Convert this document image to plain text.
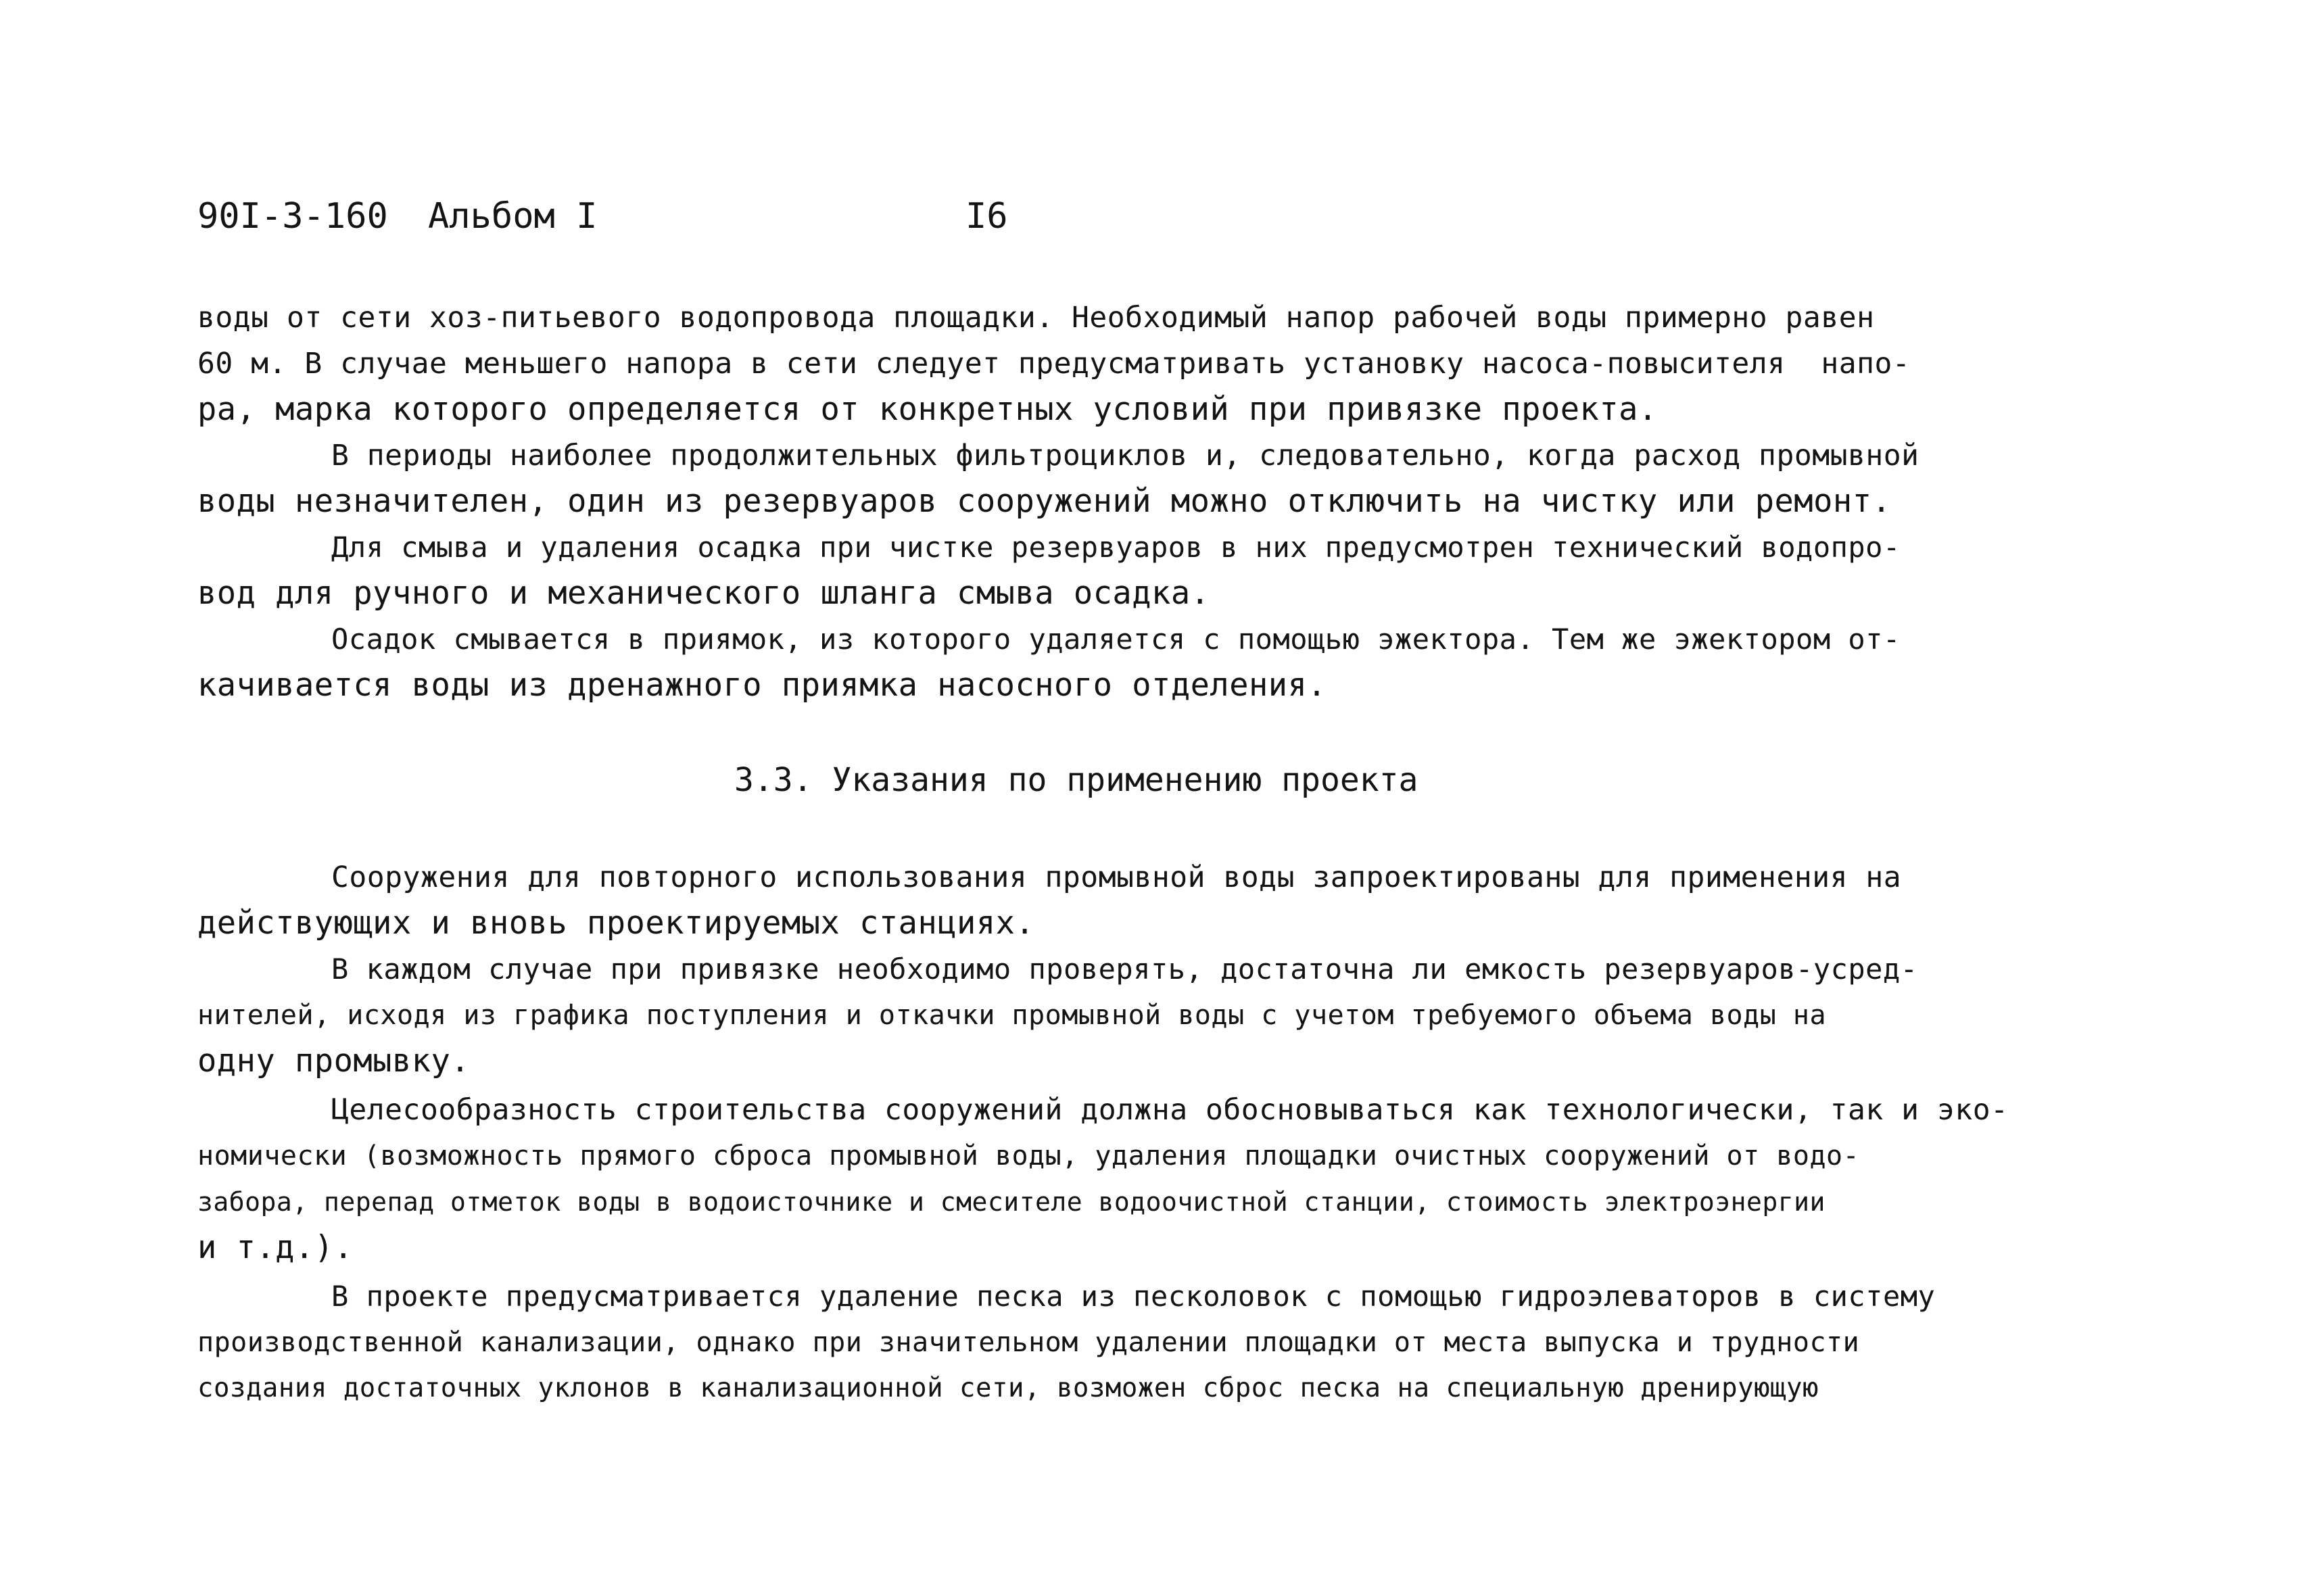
90I-3-160 Альбом I	I6
воды от сети хоз-питьевого водопровода площадки. Необходимый напор рабочей воды примерно равен
60 м. В случае меньшего напора в сети следует предусматривать установку насоса-повысителя  напо-
ра, марка которого определяется от конкретных условий при привязке проекта.
В периоды наиболее продолжительных фильтроциклов и, следовательно, когда расход промывной
воды незначителен, один из резервуаров сооружений можно отключить на чистку или ремонт.
Для смыва и удаления осадка при чистке резервуаров в них предусмотрен технический водопро-
вод для ручного и механического шланга смыва осадка.
Осадок смывается в приямок, из которого удаляется с помощью эжектора. Тем же эжектором от-
качивается воды из дренажного приямка насосного отделения.
3.3. Указания по применению проекта
Сооружения для повторного использования промывной воды запроектированы для применения на
действующих и вновь проектируемых станциях.
В каждом случае при привязке необходимо проверять, достаточна ли емкость резервуаров-усред-
нителей, исходя из графика поступления и откачки промывной воды с учетом требуемого объема воды на
одну промывку.
Целесообразность строительства сооружений должна обосновываться как технологически, так и эко-
номически (возможность прямого сброса промывной воды, удаления площадки очистных сооружений от водо-
забора, перепад отметок воды в водоисточнике и смесителе водоочистной станции, стоимость электроэнергии
и т.д.).
В проекте предусматривается удаление песка из песколовок с помощью гидроэлеваторов в систему
производственной канализации, однако при значительном удалении площадки от места выпуска и трудности
создания достаточных уклонов в канализационной сети, возможен сброс песка на специальную дренирующую
